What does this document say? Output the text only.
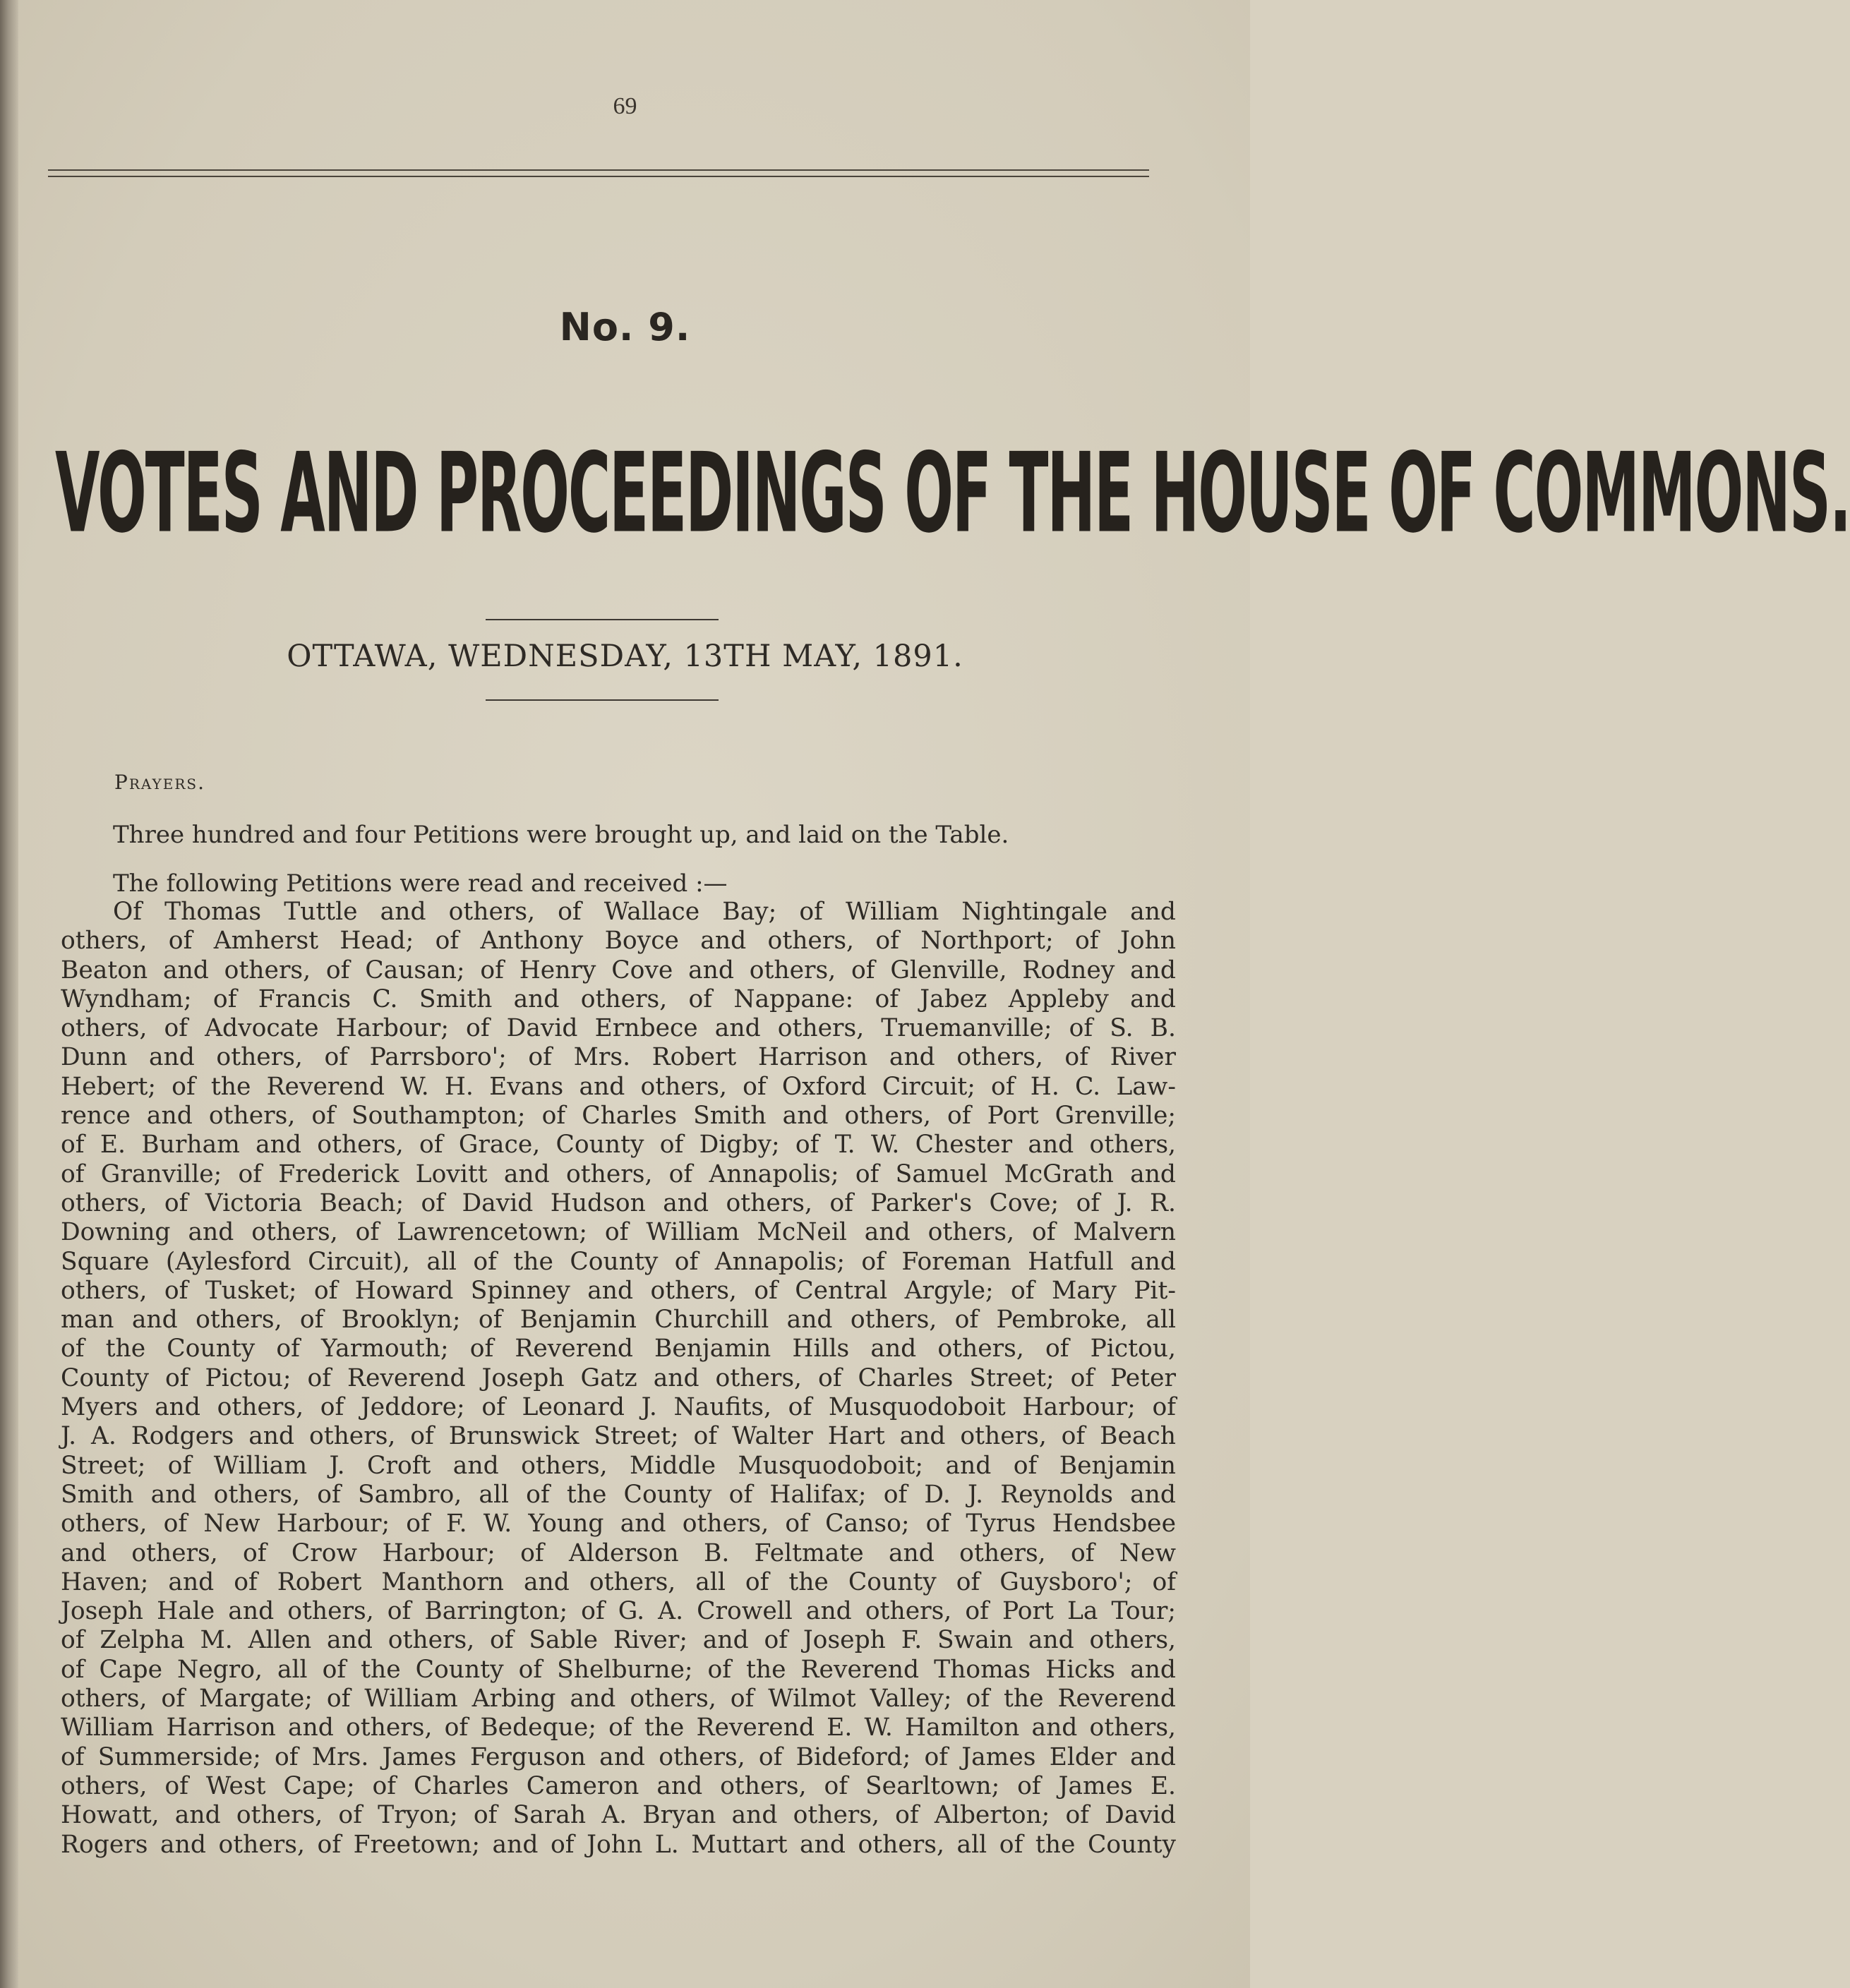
69
No. 9.
VOTES AND PROCEEDINGS OF THE HOUSE OF COMMONS.
OTTAWA, WEDNESDAY, 13TH MAY, 1891.
Prayers.
Three hundred and four Petitions were brought up, and laid on the Table.
The following Petitions were read and received :—
Of Thomas Tuttle and others, of Wallace Bay; of William Nightingale and
others, of Amherst Head; of Anthony Boyce and others, of Northport; of John
Beaton and others, of Causan; of Henry Cove and others, of Glenville, Rodney and
Wyndham; of Francis C. Smith and others, of Nappane: of Jabez Appleby and
others, of Advocate Harbour; of David Ernbece and others, Truemanville; of S. B.
Dunn and others, of Parrsboro'; of Mrs. Robert Harrison and others, of River
Hebert; of the Reverend W. H. Evans and others, of Oxford Circuit; of H. C. Law-
rence and others, of Southampton; of Charles Smith and others, of Port Grenville;
of E. Burham and others, of Grace, County of Digby; of T. W. Chester and others,
of Granville; of Frederick Lovitt and others, of Annapolis; of Samuel McGrath and
others, of Victoria Beach; of David Hudson and others, of Parker's Cove; of J. R.
Downing and others, of Lawrencetown; of William McNeil and others, of Malvern
Square (Aylesford Circuit), all of the County of Annapolis; of Foreman Hatfull and
others, of Tusket; of Howard Spinney and others, of Central Argyle; of Mary Pit-
man and others, of Brooklyn; of Benjamin Churchill and others, of Pembroke, all
of the County of Yarmouth; of Reverend Benjamin Hills and others, of Pictou,
County of Pictou; of Reverend Joseph Gatz and others, of Charles Street; of Peter
Myers and others, of Jeddore; of Leonard J. Naufits, of Musquodoboit Harbour; of
J. A. Rodgers and others, of Brunswick Street; of Walter Hart and others, of Beach
Street; of William J. Croft and others, Middle Musquodoboit; and of Benjamin
Smith and others, of Sambro, all of the County of Halifax; of D. J. Reynolds and
others, of New Harbour; of F. W. Young and others, of Canso; of Tyrus Hendsbee
and others, of Crow Harbour; of Alderson B. Feltmate and others, of New
Haven; and of Robert Manthorn and others, all of the County of Guysboro'; of
Joseph Hale and others, of Barrington; of G. A. Crowell and others, of Port La Tour;
of Zelpha M. Allen and others, of Sable River; and of Joseph F. Swain and others,
of Cape Negro, all of the County of Shelburne; of the Reverend Thomas Hicks and
others, of Margate; of William Arbing and others, of Wilmot Valley; of the Reverend
William Harrison and others, of Bedeque; of the Reverend E. W. Hamilton and others,
of Summerside; of Mrs. James Ferguson and others, of Bideford; of James Elder and
others, of West Cape; of Charles Cameron and others, of Searltown; of James E.
Howatt, and others, of Tryon; of Sarah A. Bryan and others, of Alberton; of David
Rogers and others, of Freetown; and of John L. Muttart and others, all of the County
